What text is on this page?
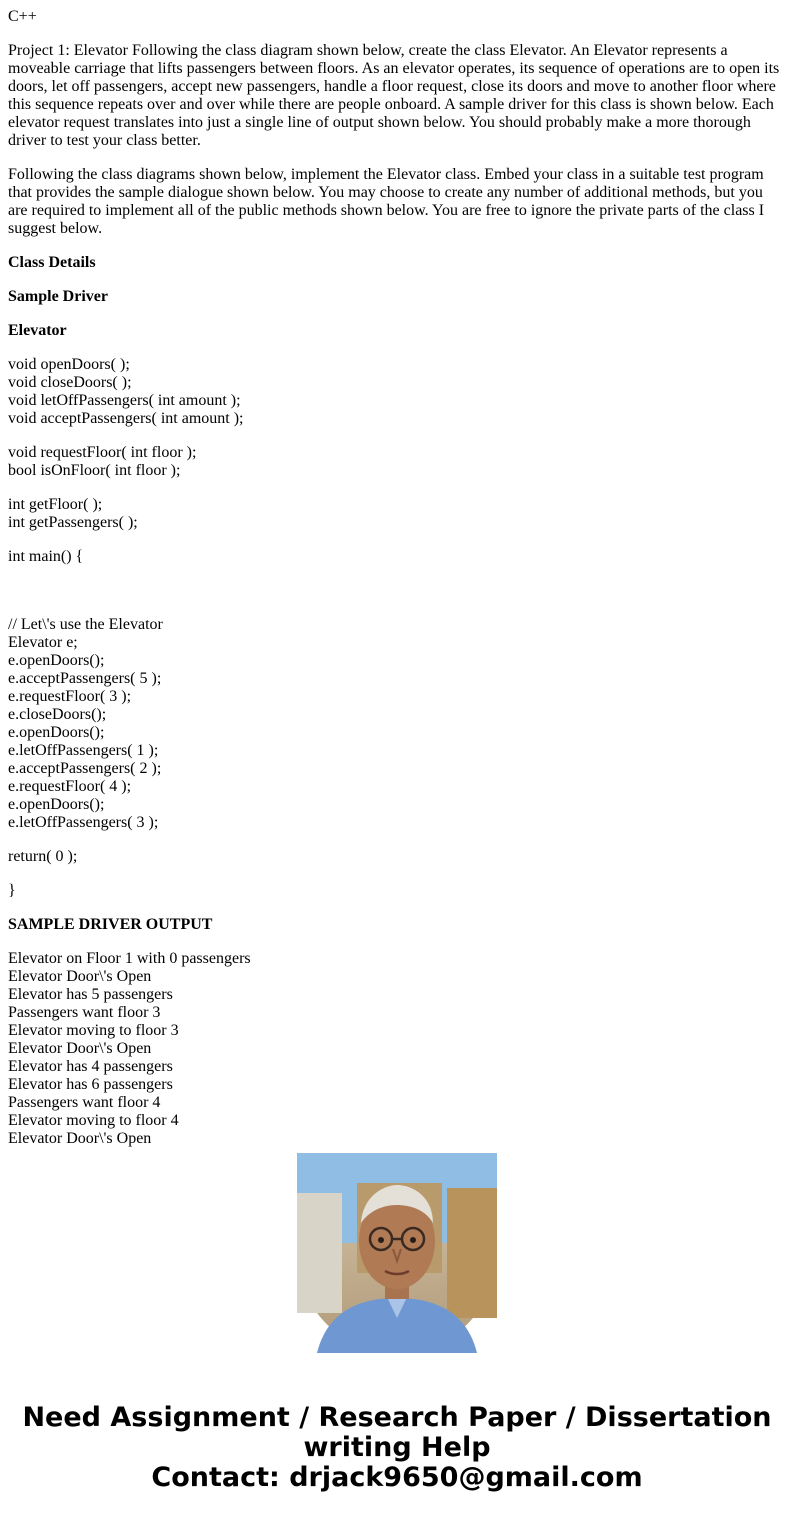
C++

Project 1: Elevator Following the class diagram shown below, create the class Elevator. An Elevator represents a moveable carriage that lifts passengers between floors. As an elevator operates, its sequence of operations are to open its doors, let off passengers, accept new passengers, handle a floor request, close its doors and move to another floor where this sequence repeats over and over while there are people onboard. A sample driver for this class is shown below. Each elevator request translates into just a single line of output shown below. You should probably make a more thorough driver to test your class better.

Following the class diagrams shown below, implement the Elevator class. Embed your class in a suitable test program that provides the sample dialogue shown below. You may choose to create any number of additional methods, but you are required to implement all of the public methods shown below. You are free to ignore the private parts of the class I suggest below.

Class Details

Sample Driver

Elevator

void openDoors( );
void closeDoors( );
void letOffPassengers( int amount );
void acceptPassengers( int amount );

void requestFloor( int floor );
bool isOnFloor( int floor );

int getFloor( );
int getPassengers( );

int main() {

// Let\'s use the Elevator
Elevator e;
e.openDoors();
e.acceptPassengers( 5 );
e.requestFloor( 3 );
e.closeDoors();
e.openDoors();
e.letOffPassengers( 1 );
e.acceptPassengers( 2 );
e.requestFloor( 4 );
e.openDoors();
e.letOffPassengers( 3 );

return( 0 );

}

SAMPLE DRIVER OUTPUT

Elevator on Floor 1 with 0 passengers
Elevator Door\'s Open
Elevator has 5 passengers
Passengers want floor 3
Elevator moving to floor 3
Elevator Door\'s Open
Elevator has 4 passengers
Elevator has 6 passengers
Passengers want floor 4
Elevator moving to floor 4
Elevator Door\'s Open

Need Assignment / Research Paper / Dissertation
writing Help
Contact: drjack9650@gmail.com
